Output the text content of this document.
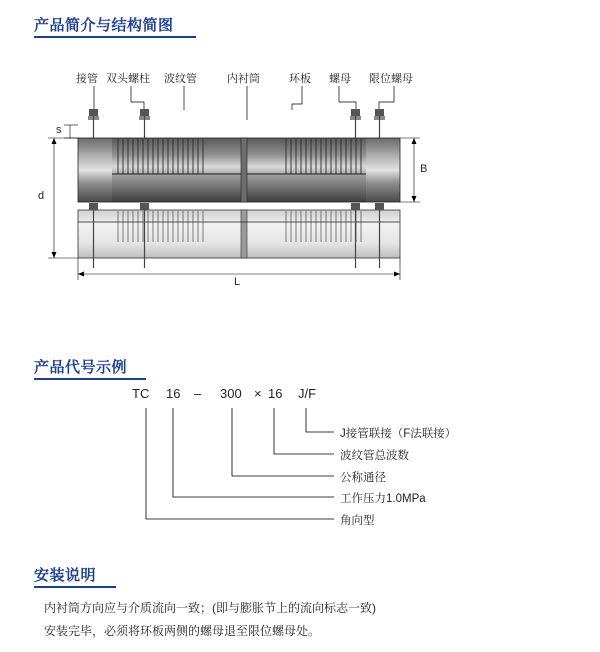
产品简介与结构简图
接管 双头螺柱 波纹管	内衬筒	环板 螺母 限位螺母
s
d
B
L
产品代号示例
TC 16 – 300 × 16 J/F
J接管联接（F法联接）
波纹管总波数
公称通径
工作压力1.0MPa
角向型
安装说明

内衬筒方向应与介质流向一致；(即与膨胀节上的流向标志一致)

安装完毕，必须将环板两侧的螺母退至限位螺母处。
